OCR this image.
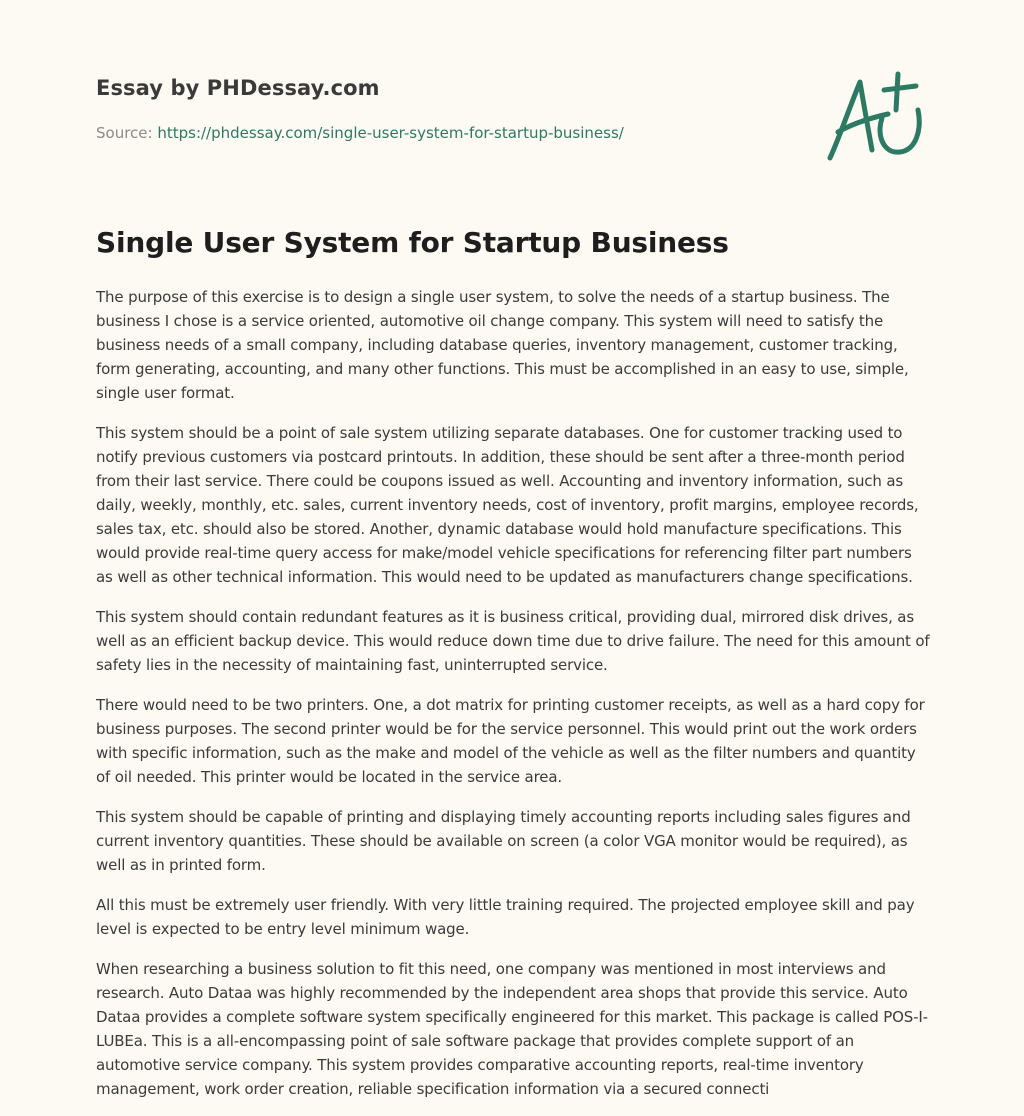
Essay by PHDessay.com
Source: https://phdessay.com/single-user-system-for-startup-business/
Single User System for Startup Business

The purpose of this exercise is to design a single user system, to solve the needs of a startup business. The business I chose is a service oriented, automotive oil change company. This system will need to satisfy the business needs of a small company, including database queries, inventory management, customer tracking, form generating, accounting, and many other functions. This must be accomplished in an easy to use, simple, single user format.

This system should be a point of sale system utilizing separate databases. One for customer tracking used to notify previous customers via postcard printouts. In addition, these should be sent after a three-month period from their last service. There could be coupons issued as well. Accounting and inventory information, such as daily, weekly, monthly, etc. sales, current inventory needs, cost of inventory, profit margins, employee records, sales tax, etc. should also be stored. Another, dynamic database would hold manufacture specifications. This would provide real-time query access for make/model vehicle specifications for referencing filter part numbers as well as other technical information. This would need to be updated as manufacturers change specifications.

This system should contain redundant features as it is business critical, providing dual, mirrored disk drives, as well as an efficient backup device. This would reduce down time due to drive failure. The need for this amount of safety lies in the necessity of maintaining fast, uninterrupted service.

There would need to be two printers. One, a dot matrix for printing customer receipts, as well as a hard copy for business purposes. The second printer would be for the service personnel. This would print out the work orders with specific information, such as the make and model of the vehicle as well as the filter numbers and quantity of oil needed. This printer would be located in the service area.

This system should be capable of printing and displaying timely accounting reports including sales figures and current inventory quantities. These should be available on screen (a color VGA monitor would be required), as well as in printed form.

All this must be extremely user friendly. With very little training required. The projected employee skill and pay level is expected to be entry level minimum wage.

When researching a business solution to fit this need, one company was mentioned in most interviews and research. Auto Dataa was highly recommended by the independent area shops that provide this service. Auto Dataa provides a complete software system specifically engineered for this market. This package is called POS-I-LUBEa. This is a all-encompassing point of sale software package that provides complete support of an automotive service company. This system provides comparative accounting reports, real-time inventory management, work order creation, reliable specification information via a secured connecti
